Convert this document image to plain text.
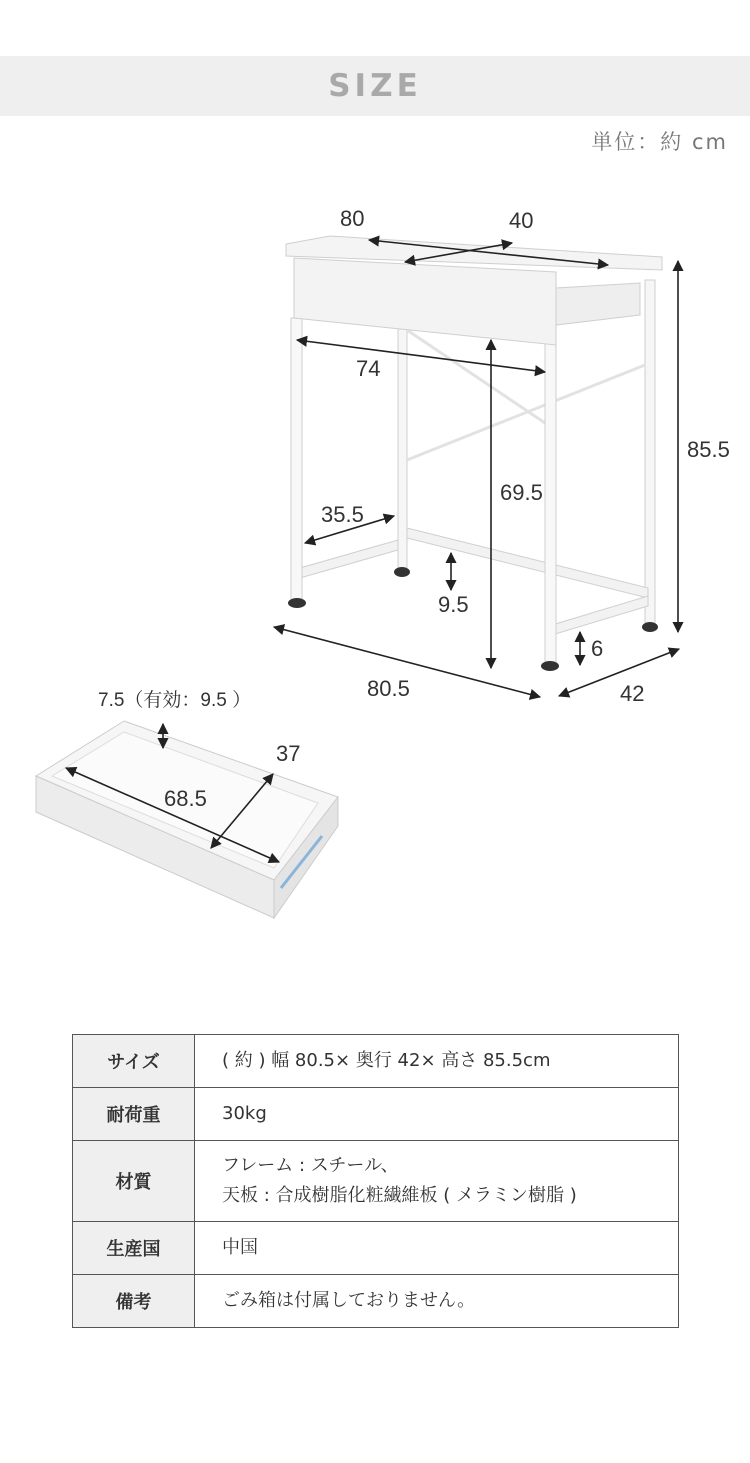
SIZE
単位：約 cm
80	40
74
85.5
69.5
35.5
9.5
6
80.5	42
7.5（有効：9.5 ）
37
68.5
サイズ	( 約 ) 幅 80.5× 奥行 42× 高さ 85.5cm
耐荷重	30kg
材質	フレーム : スチール、
天板 : 合成樹脂化粧繊維板 ( メラミン樹脂 )

生産国	中国
備考	ごみ箱は付属しておりません。
